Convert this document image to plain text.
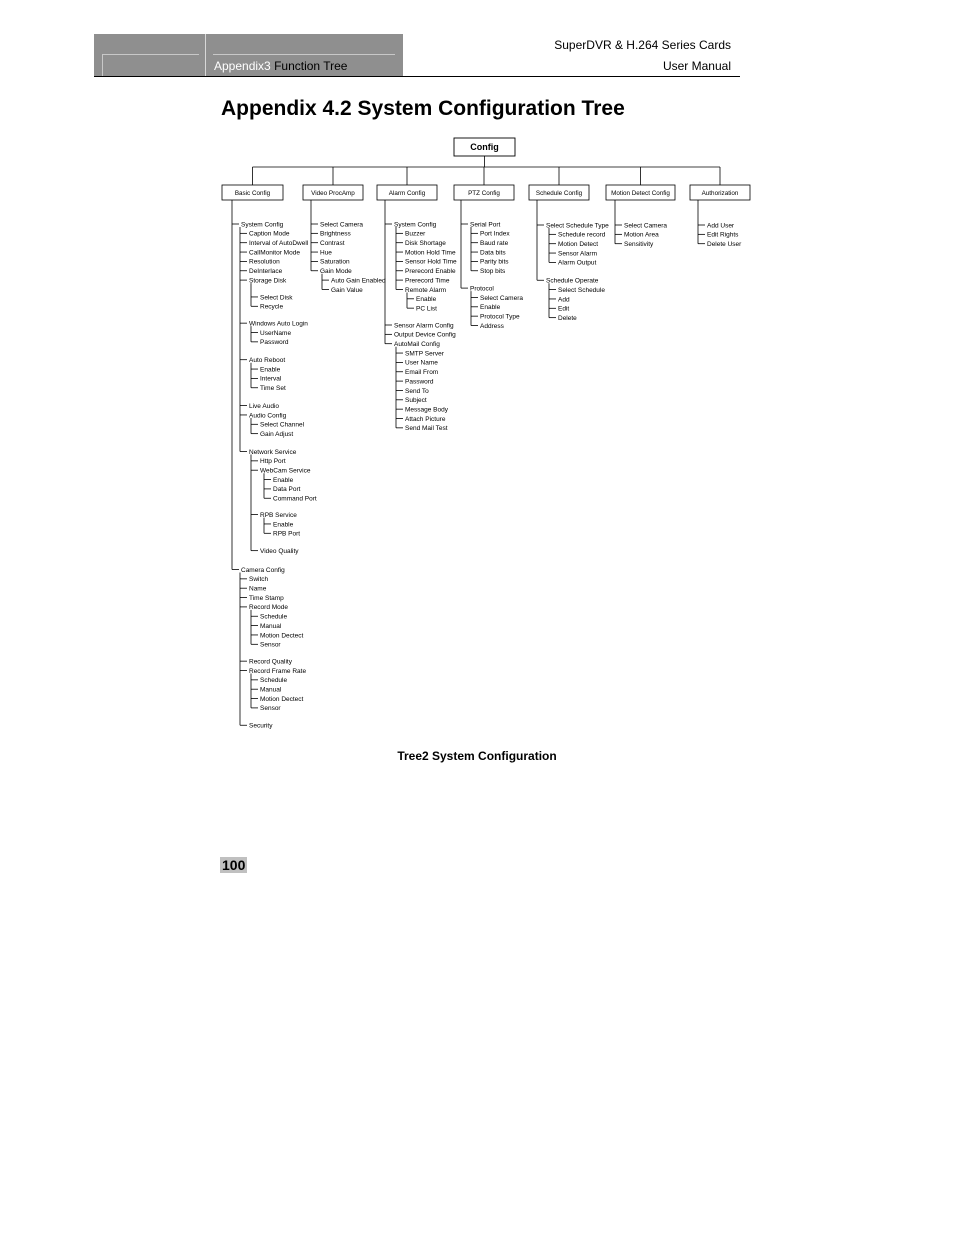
Appendix3 Function Tree
SuperDVR & H.264 Series Cards
User Manual
Appendix 4.2 System Configuration Tree
Config
Basic Config
System Config
Caption Mode
Interval of AutoDwell
CallMonitor Mode
Resolution
DeInterlace
Storage Disk
Select Disk
Recycle
Windows Auto Login
UserName
Password
Auto Reboot
Enable
Interval
Time Set
Live Audio
Audio Config
Select Channel
Gain Adjust
Network Service
Http Port
WebCam Service
Enable
Data Port
Command Port
RPB Service
Enable
RPB Port
Video Quality
Camera Config
Switch
Name
Time Stamp
Record Mode
Schedule
Manual
Motion Dectect
Sensor
Record Quality
Record Frame Rate
Schedule
Manual
Motion Dectect
Sensor
Security
Video ProcAmp
Select Camera
Brightness
Contrast
Hue
Saturation
Gain Mode
Auto Gain Enabled
Gain Value
Alarm Config
System Config
Buzzer
Disk Shortage
Motion Hold Time
Sensor Hold Time
Prerecord Enable
Prerecord Time
Remote Alarm
Enable
PC List
Sensor Alarm Config
Output Device Config
AutoMail Config
SMTP Server
User Name
Email From
Password
Send To
Subject
Message Body
Attach Picture
Send Mail Test
PTZ Config
Serial Port
Port Index
Baud rate
Data bits
Parity bits
Stop bits
Protocol
Select Camera
Enable
Protocol Type
Address
Schedule Config
Select Schedule Type
Schedule record
Motion Detect
Sensor Alarm
Alarm Output
Schedule Operate
Select Schedule
Add
Edit
Delete
Motion Detect Config
Select Camera
Motion Area
Sensitivity
Authorization
Add User
Edit Rights
Delete User
Tree2 System Configuration
100
